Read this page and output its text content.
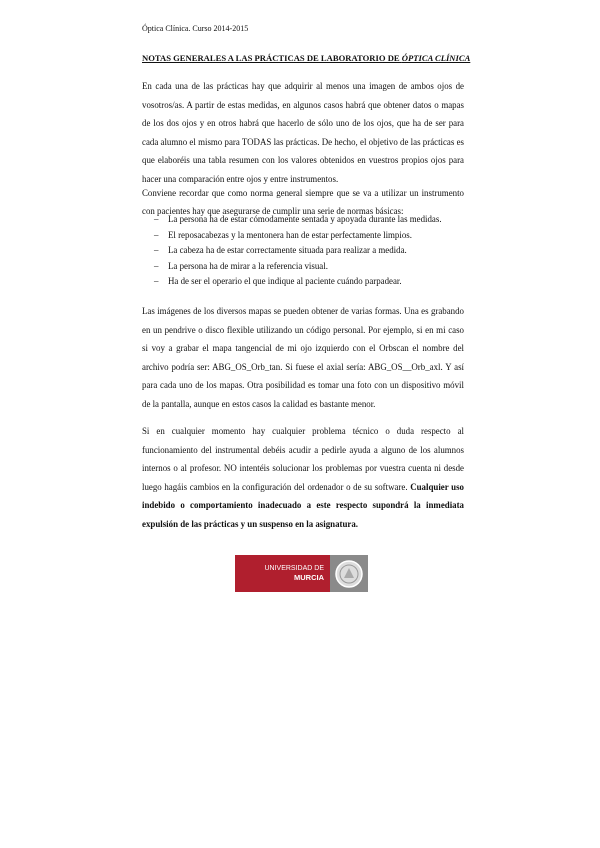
Óptica Clínica. Curso 2014-2015
NOTAS GENERALES A LAS PRÁCTICAS DE LABORATORIO DE ÓPTICA CLÍNICA

En cada una de las prácticas hay que adquirir al menos una imagen de ambos ojos de vosotros/as. A partir de estas medidas, en algunos casos habrá que obtener datos o mapas de los dos ojos y en otros habrá que hacerlo de sólo uno de los ojos, que ha de ser para cada alumno el mismo para TODAS las prácticas. De hecho, el objetivo de las prácticas es que elaboréis una tabla resumen con los valores obtenidos en vuestros propios ojos para hacer una comparación entre ojos y entre instrumentos.

Conviene recordar que como norma general siempre que se va a utilizar un instrumento con pacientes hay que asegurarse de cumplir una serie de normas básicas:

– La persona ha de estar cómodamente sentada y apoyada durante las medidas.
– El reposacabezas y la mentonera han de estar perfectamente limpios.
– La cabeza ha de estar correctamente situada para realizar a medida.
– La persona ha de mirar a la referencia visual.
– Ha de ser el operario el que indique al paciente cuándo parpadear.

Las imágenes de los diversos mapas se pueden obtener de varias formas. Una es grabando en un pendrive o disco flexible utilizando un código personal. Por ejemplo, si en mi caso si voy a grabar el mapa tangencial de mi ojo izquierdo con el Orbscan el nombre del archivo podría ser: ABG_OS_Orb_tan. Si fuese el axial sería: ABG_OS__Orb_axl. Y así para cada uno de los mapas. Otra posibilidad es tomar una foto con un dispositivo móvil de la pantalla, aunque en estos casos la calidad es bastante menor.

Si en cualquier momento hay cualquier problema técnico o duda respecto al funcionamiento del instrumental debéis acudir a pedirle ayuda a alguno de los alumnos internos o al profesor. NO intentéis solucionar los problemas por vuestra cuenta ni desde luego hagáis cambios en la configuración del ordenador o de su software. Cualquier uso indebido o comportamiento inadecuado a este respecto supondrá la inmediata expulsión de las prácticas y un suspenso en la asignatura.

UNIVERSIDAD DE
MURCIA
